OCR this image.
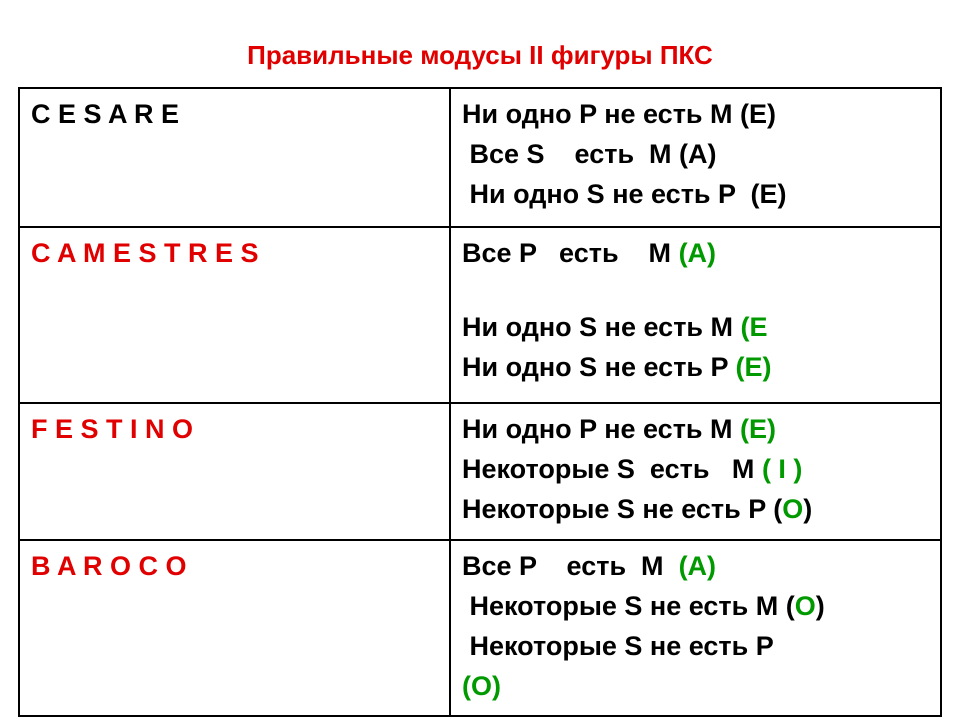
Правильные модусы II фигуры ПКС
C E S A R E	Ни одно P не есть M (E)
Все S    есть  M (A)
Ни одно S не есть P  (E)

C A M E S T R E S	Все P   есть    M (A)
Ни одно S не есть M (E
Ни одно S не есть P (E)

F E S T I N O	Ни одно P не есть M (E)
Некоторые S  есть   M ( I )
Некоторые S не есть P (O)

B A R O C O	Все P    есть  M  (A)
Некоторые S не есть M (O)
Некоторые S не есть P
(O)
